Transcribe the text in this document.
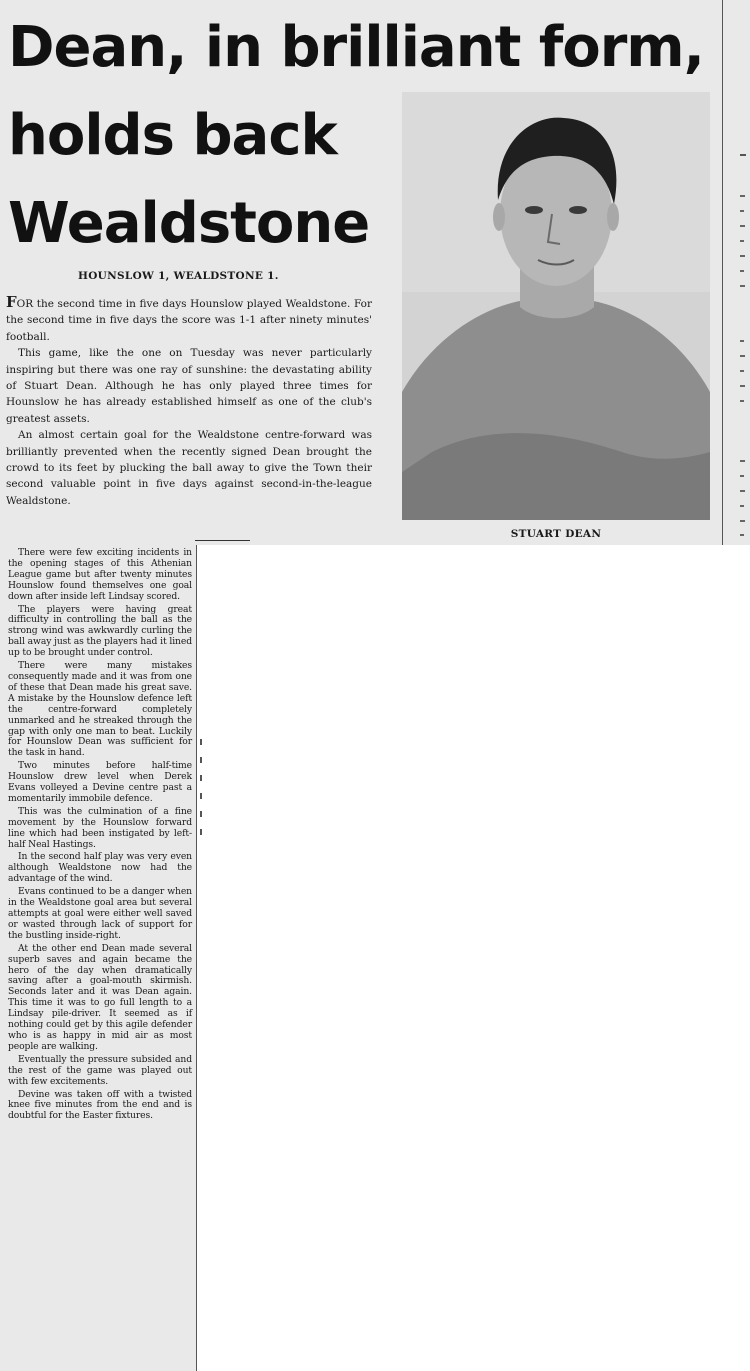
Dean, in brilliant form,
holds back
Wealdstone
HOUNSLOW 1, WEALDSTONE 1.

FOR the second time in five days Hounslow played Wealdstone. For the second time in five days the score was 1-1 after ninety minutes' football.

This game, like the one on Tuesday was never particularly inspiring but there was one ray of sunshine: the devastating ability of Stuart Dean. Although he has only played three times for Hounslow he has already established himself as one of the club's greatest assets.

An almost certain goal for the Wealdstone centre-forward was brilliantly prevented when the recently signed Dean brought the crowd to its feet by plucking the ball away to give the Town their second valuable point in five days against second-in-the-league Wealdstone.

STUART DEAN

There were few exciting incidents in the opening stages of this Athenian League game but after twenty minutes Hounslow found themselves one goal down after inside left Lindsay scored.

The players were having great difficulty in controlling the ball as the strong wind was awkwardly curling the ball away just as the players had it lined up to be brought under control.

There were many mistakes consequently made and it was from one of these that Dean made his great save. A mistake by the Hounslow defence left the centre-forward completely unmarked and he streaked through the gap with only one man to beat. Luckily for Hounslow Dean was sufficient for the task in hand.

Two minutes before half-time Hounslow drew level when Derek Evans volleyed a Devine centre past a momentarily immobile defence.

This was the culmination of a fine movement by the Hounslow forward line which had been instigated by left-half Neal Hastings.

In the second half play was very even although Wealdstone now had the advantage of the wind.

Evans continued to be a danger when in the Wealdstone goal area but several attempts at goal were either well saved or wasted through lack of support for the bustling inside-right.

At the other end Dean made several superb saves and again became the hero of the day when dramatically saving after a goal-mouth skirmish. Seconds later and it was Dean again. This time it was to go full length to a Lindsay pile-driver. It seemed as if nothing could get by this agile defender who is as happy in mid air as most people are walking.

Eventually the pressure subsided and the rest of the game was played out with few excitements.

Devine was taken off with a twisted knee five minutes from the end and is doubtful for the Easter fixtures.
